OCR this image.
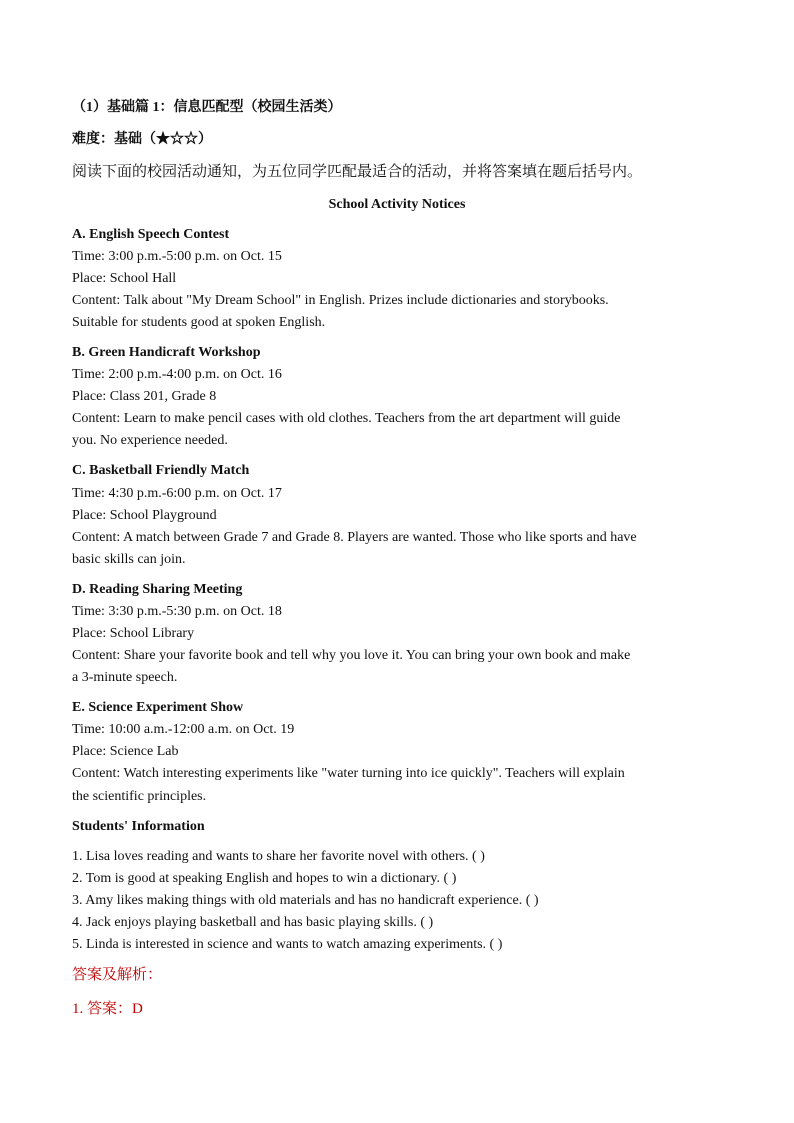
（1）基础篇 1：信息匹配型（校园生活类）
难度：基础（★☆☆）
阅读下面的校园活动通知，为五位同学匹配最适合的活动，并将答案填在题后括号内。
School Activity Notices
A. English Speech Contest
Time: 3:00 p.m.-5:00 p.m. on Oct. 15
Place: School Hall
Content: Talk about "My Dream School" in English. Prizes include dictionaries and storybooks.
Suitable for students good at spoken English.
B. Green Handicraft Workshop
Time: 2:00 p.m.-4:00 p.m. on Oct. 16
Place: Class 201, Grade 8
Content: Learn to make pencil cases with old clothes. Teachers from the art department will guide
you. No experience needed.
C. Basketball Friendly Match
Time: 4:30 p.m.-6:00 p.m. on Oct. 17
Place: School Playground
Content: A match between Grade 7 and Grade 8. Players are wanted. Those who like sports and have
basic skills can join.
D. Reading Sharing Meeting
Time: 3:30 p.m.-5:30 p.m. on Oct. 18
Place: School Library
Content: Share your favorite book and tell why you love it. You can bring your own book and make
a 3-minute speech.
E. Science Experiment Show
Time: 10:00 a.m.-12:00 a.m. on Oct. 19
Place: Science Lab
Content: Watch interesting experiments like "water turning into ice quickly". Teachers will explain
the scientific principles.
Students' Information
1. Lisa loves reading and wants to share her favorite novel with others. ( )
2. Tom is good at speaking English and hopes to win a dictionary. ( )
3. Amy likes making things with old materials and has no handicraft experience. ( )
4. Jack enjoys playing basketball and has basic playing skills. ( )
5. Linda is interested in science and wants to watch amazing experiments. ( )
答案及解析：
1. 答案：D
